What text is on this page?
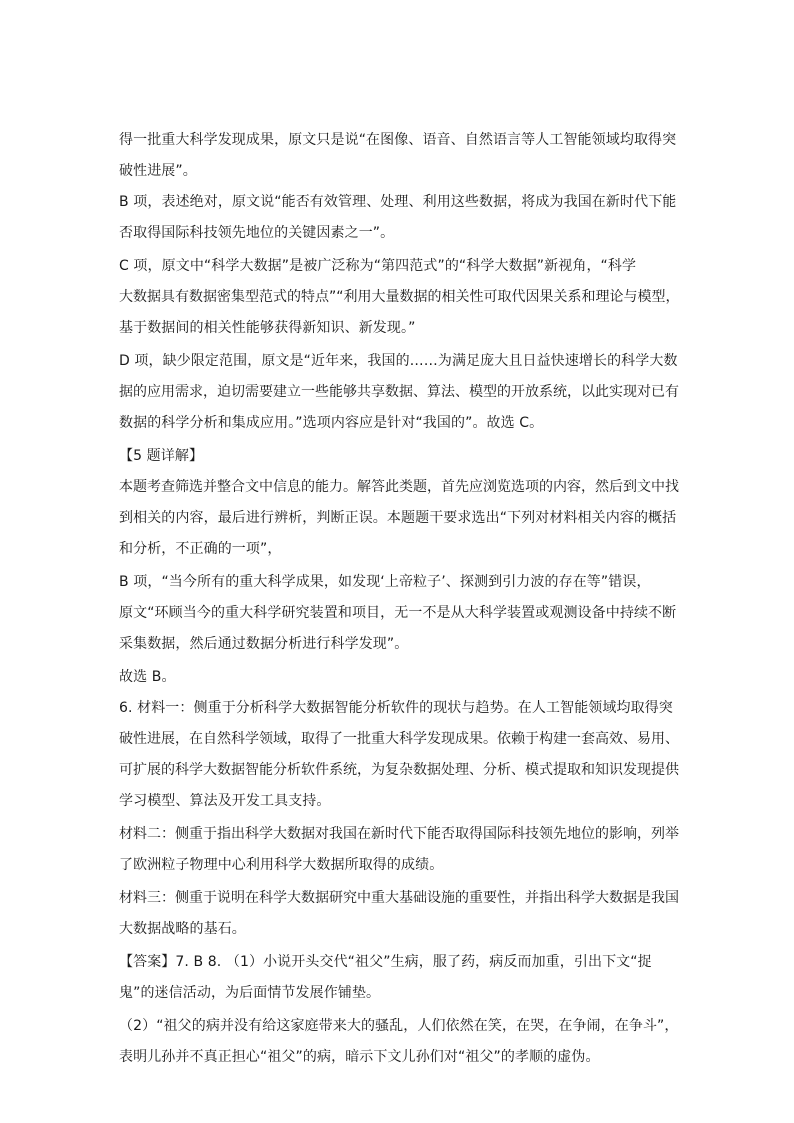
得一批重大科学发现成果，原文只是说“在图像、语音、自然语言等人工智能领域均取得突

破性进展”。

B 项，表述绝对，原文说“能否有效管理、处理、利用这些数据，将成为我国在新时代下能

否取得国际科技领先地位的关键因素之一”。

C 项，原文中“科学大数据”是被广泛称为“第四范式”的“科学大数据”新视角，“科学

大数据具有数据密集型范式的特点”“利用大量数据的相关性可取代因果关系和理论与模型，

基于数据间的相关性能够获得新知识、新发现。”

D 项，缺少限定范围，原文是“近年来，我国的……为满足庞大且日益快速增长的科学大数

据的应用需求，迫切需要建立一些能够共享数据、算法、模型的开放系统，以此实现对已有

数据的科学分析和集成应用。”选项内容应是针对“我国的”。故选 C。

【5 题详解】

本题考查筛选并整合文中信息的能力。解答此类题，首先应浏览选项的内容，然后到文中找

到相关的内容，最后进行辨析，判断正误。本题题干要求选出“下列对材料相关内容的概括

和分析，不正确的一项”，

B 项，“当今所有的重大科学成果，如发现‘上帝粒子’、探测到引力波的存在等”错误，

原文“环顾当今的重大科学研究装置和项目，无一不是从大科学装置或观测设备中持续不断

采集数据，然后通过数据分析进行科学发现”。

故选 B。

6. 材料一：侧重于分析科学大数据智能分析软件的现状与趋势。在人工智能领域均取得突

破性进展，在自然科学领域，取得了一批重大科学发现成果。依赖于构建一套高效、易用、

可扩展的科学大数据智能分析软件系统，为复杂数据处理、分析、模式提取和知识发现提供

学习模型、算法及开发工具支持。

材料二：侧重于指出科学大数据对我国在新时代下能否取得国际科技领先地位的影响，列举

了欧洲粒子物理中心利用科学大数据所取得的成绩。

材料三：侧重于说明在科学大数据研究中重大基础设施的重要性，并指出科学大数据是我国

大数据战略的基石。

【答案】7. B 8. （1）小说开头交代“祖父”生病，服了药，病反而加重，引出下文“捉

鬼”的迷信活动，为后面情节发展作铺垫。

（2）“祖父的病并没有给这家庭带来大的骚乱，人们依然在笑，在哭，在争闹，在争斗”，

表明儿孙并不真正担心“祖父”的病，暗示下文儿孙们对“祖父”的孝顺的虚伪。
